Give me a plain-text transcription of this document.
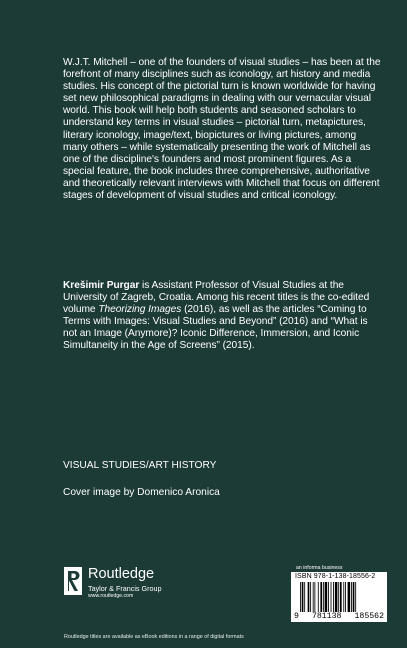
W.J.T. Mitchell – one of the founders of visual studies – has been at the forefront of many disciplines such as iconology, art history and media studies. His concept of the pictorial turn is known worldwide for having set new philosophical paradigms in dealing with our vernacular visual world. This book will help both students and seasoned scholars to understand key terms in visual studies – pictorial turn, metapictures, literary iconology, image/text, biopictures or living pictures, among many others – while systematically presenting the work of Mitchell as one of the discipline's founders and most prominent figures. As a special feature, the book includes three comprehensive, authoritative and theoretically relevant interviews with Mitchell that focus on different stages of development of visual studies and critical iconology.

Krešimir Purgar is Assistant Professor of Visual Studies at the University of Zagreb, Croatia. Among his recent titles is the co-edited volume Theorizing Images (2016), as well as the articles “Coming to Terms with Images: Visual Studies and Beyond” (2016) and “What is not an Image (Anymore)? Iconic Difference, Immersion, and Iconic Simultaneity in the Age of Screens” (2015).

VISUAL STUDIES/ART HISTORY

Cover image by Domenico Aronica

Routledge
Taylor & Francis Group
www.routledge.com

Routledge titles are available as eBook editions in a range of digital formats

an informa business

ISBN 978-1-138-18556-2
9 781138 185562
